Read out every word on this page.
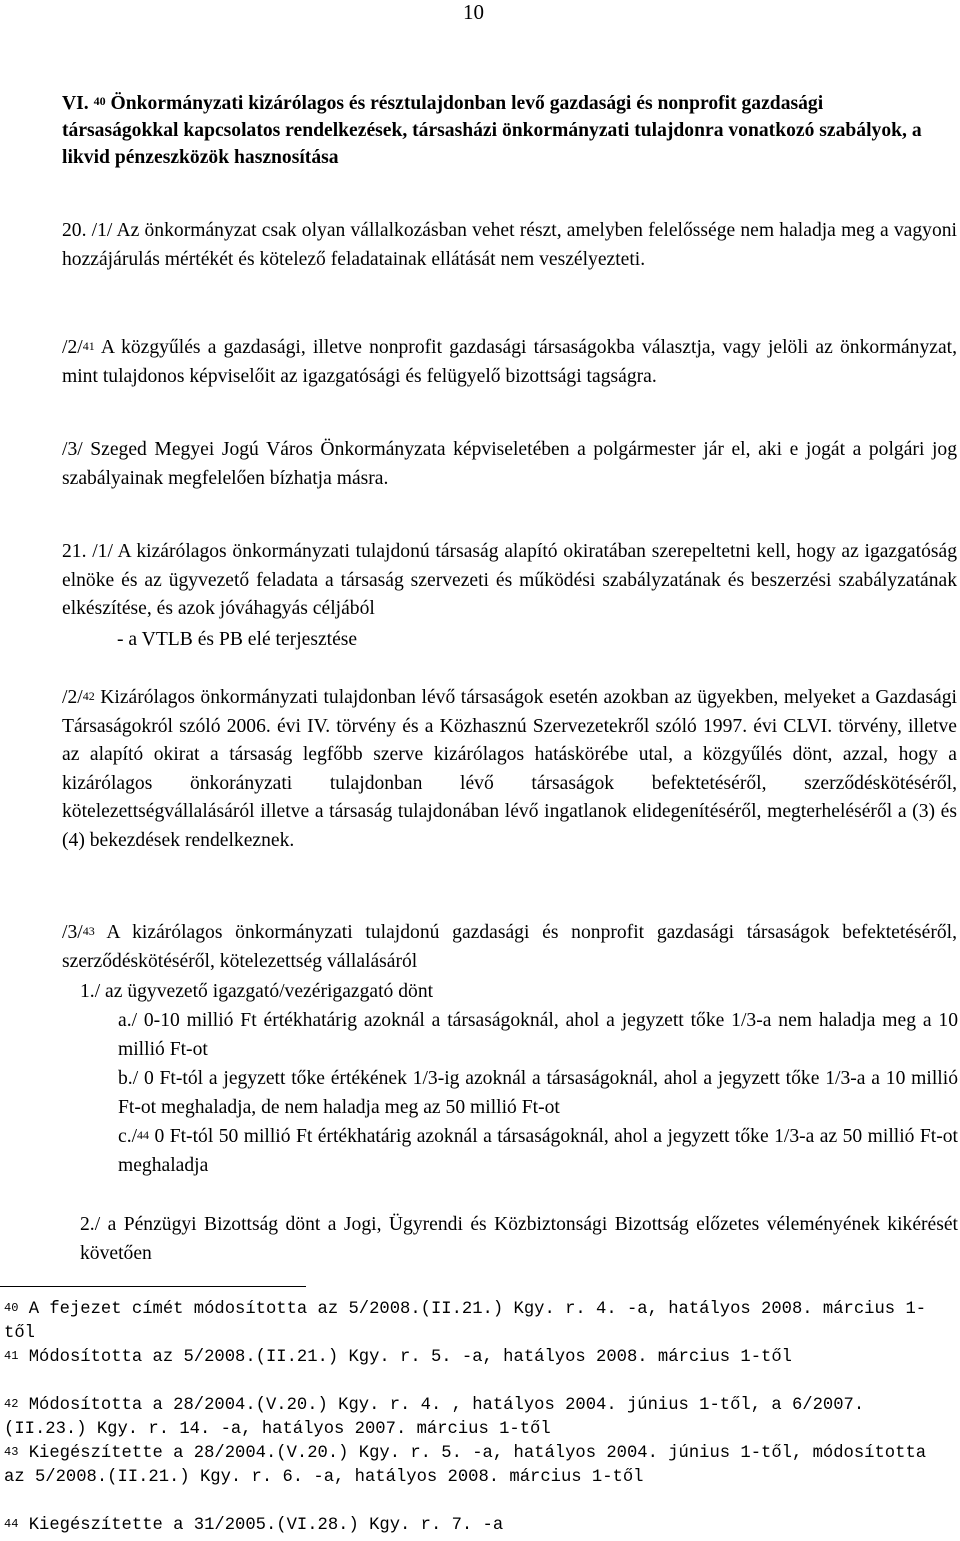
10
VI. $^{40}$ Önkormányzati kizárólagos és résztulajdonban levő gazdasági és nonprofit gazdasági társaságokkal kapcsolatos rendelkezések, társasházi önkormányzati tulajdonra vonatkozó szabályok, a likvid pénzeszközök hasznosítása
20. /1/ Az önkormányzat csak olyan vállalkozásban vehet részt, amelyben felelőssége nem haladja meg a vagyoni hozzájárulás mértékét és kötelező feladatainak ellátását nem veszélyezteti.
/2/$^{41}$ A közgyűlés a gazdasági, illetve nonprofit gazdasági társaságokba választja, vagy jelöli az önkormányzat, mint tulajdonos képviselőit az igazgatósági és felügyelő bizottsági tagságra.
/3/ Szeged Megyei Jogú Város Önkormányzata képviseletében a polgármester jár el, aki e jogát a polgári jog szabályainak megfelelően bízhatja másra.
21. /1/ A kizárólagos önkormányzati tulajdonú társaság alapító okiratában szerepeltetni kell, hogy az igazgatóság elnöke és az ügyvezető feladata a társaság szervezeti és működési szabályzatának és beszerzési szabályzatának elkészítése, és azok jóváhagyás céljából
- a VTLB és PB elé terjesztése
/2/$^{42}$ Kizárólagos önkormányzati tulajdonban lévő társaságok esetén azokban az ügyekben, melyeket a Gazdasági Társaságokról szóló 2006. évi IV. törvény és a Közhasznú Szervezetekről szóló 1997. évi CLVI. törvény, illetve az alapító okirat a társaság legfőbb szerve kizárólagos hatáskörébe utal, a közgyűlés dönt, azzal, hogy a kizárólagos önkorányzati tulajdonban lévő társaságok befektetéséről, szerződéskötéséről, kötelezettségvállalásáról illetve a társaság tulajdonában lévő ingatlanok elidegenítéséről, megterheléséről a (3) és (4) bekezdések rendelkeznek.
/3/$^{43}$ A kizárólagos önkormányzati tulajdonú gazdasági és nonprofit gazdasági társaságok befektetéséről, szerződéskötéséről, kötelezettség vállalásáról
1./ az ügyvezető igazgató/vezérigazgató dönt
a./ 0-10 millió Ft értékhatárig azoknál a társaságoknál, ahol a jegyzett tőke 1/3-a nem haladja meg a 10 millió Ft-ot
b./ 0 Ft-tól a jegyzett tőke értékének 1/3-ig azoknál a társaságoknál, ahol a jegyzett tőke 1/3-a a 10 millió Ft-ot meghaladja, de nem haladja meg az 50 millió Ft-ot
c./$^{44}$ 0 Ft-tól 50 millió Ft értékhatárig azoknál a társaságoknál, ahol a jegyzett tőke 1/3-a az 50 millió Ft-ot meghaladja
2./ a Pénzügyi Bizottság dönt a Jogi, Ügyrendi és Közbiztonsági Bizottság előzetes véleményének kikérését követően
$^{40}$ A fejezet címét módosította az 5/2008.(II.21.) Kgy. r. 4. -a, hatályos 2008. március 1-től
$^{41}$ Módosította az 5/2008.(II.21.) Kgy. r. 5. -a, hatályos 2008. március 1-től
$^{42}$ Módosította a 28/2004.(V.20.) Kgy. r. 4. , hatályos 2004. június 1-től, a 6/2007.(II.23.) Kgy. r. 14. -a, hatályos 2007. március 1-től
$^{43}$ Kiegészítette a 28/2004.(V.20.) Kgy. r. 5. -a, hatályos 2004. június 1-től, módosította az 5/2008.(II.21.) Kgy. r. 6. -a, hatályos 2008. március 1-től
$^{44}$ Kiegészítette a 31/2005.(VI.28.) Kgy. r. 7. -a
